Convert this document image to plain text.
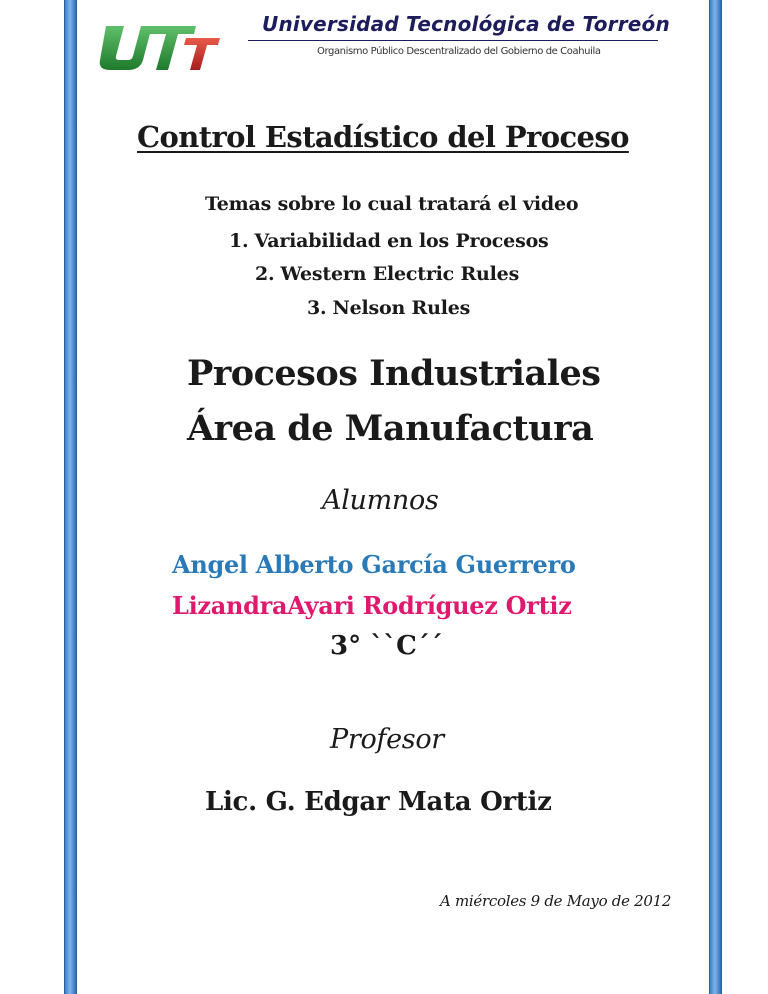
Universidad Tecnológica de Torreón
Organismo Público Descentralizado del Gobierno de Coahuila
Control Estadístico del Proceso
Temas sobre lo cual tratará el video
1. Variabilidad en los Procesos
2. Western Electric Rules
3. Nelson Rules
Procesos Industriales
Área de Manufactura
Alumnos
Angel Alberto García Guerrero
LizandraAyari Rodríguez Ortiz
3° ``C´´
Profesor
Lic. G. Edgar Mata Ortiz
A miércoles 9 de Mayo de 2012
